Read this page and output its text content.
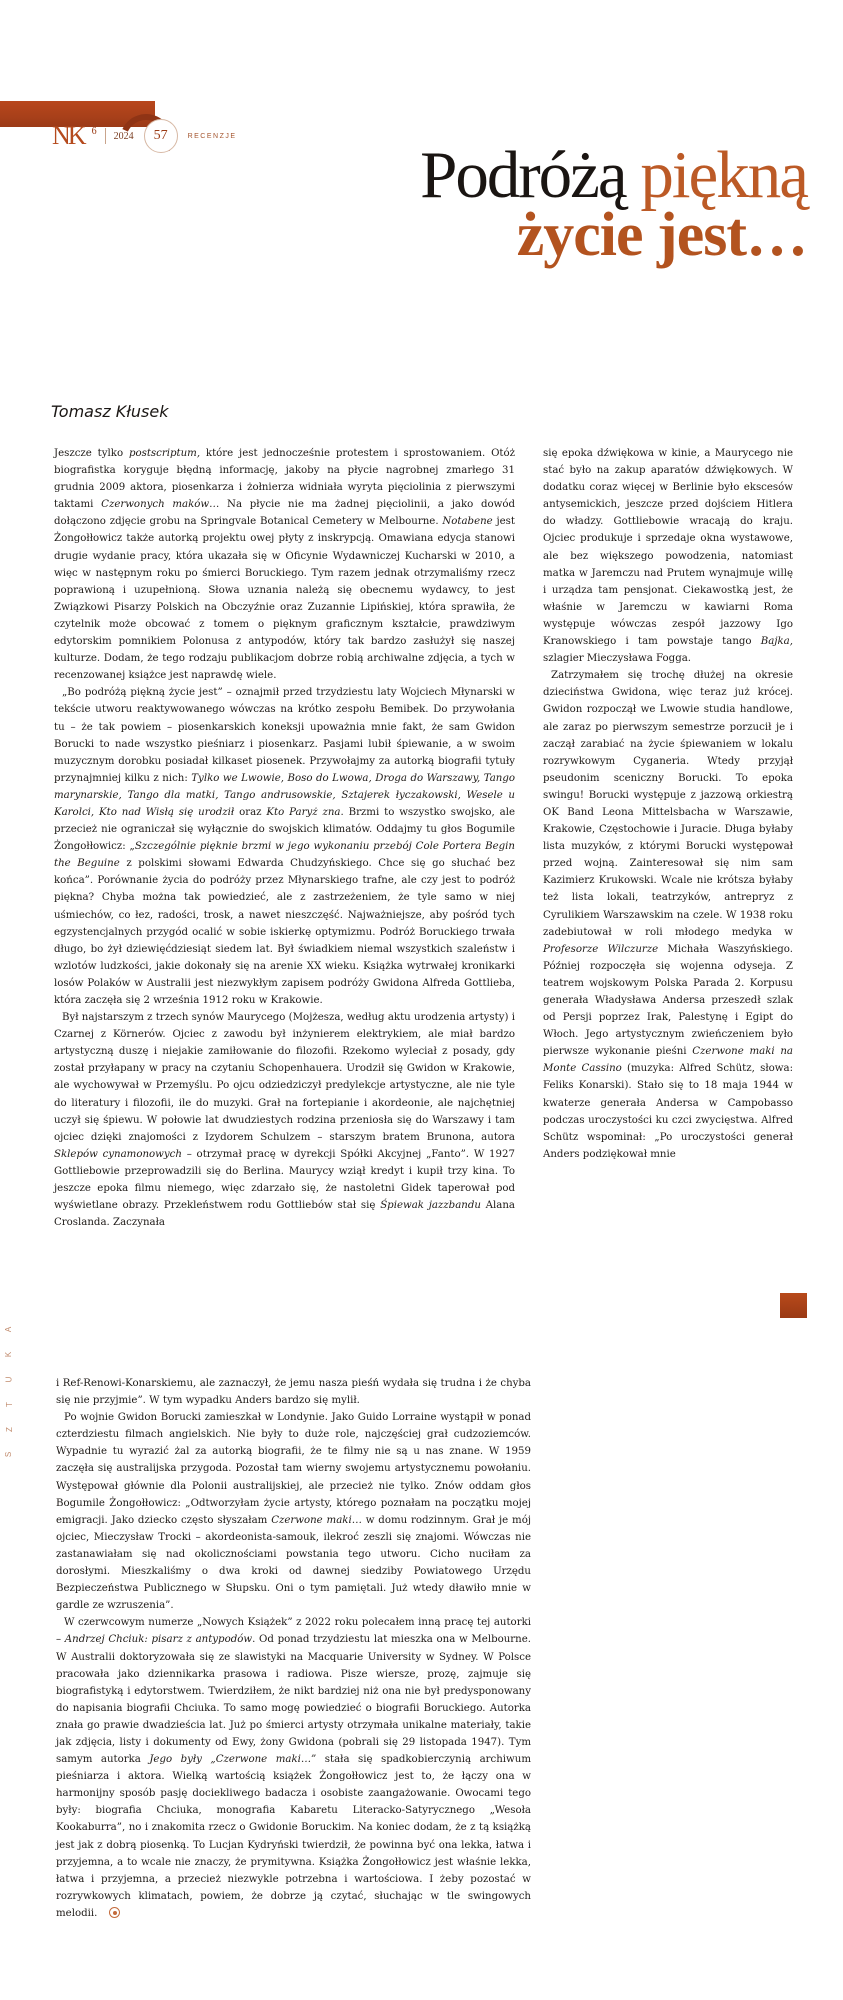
NK 6 2024	57	RECENZJE
Podróżą piękną
życie jest…
Tomasz Kłusek

Jeszcze tylko postscriptum, które jest jednocześnie protestem i sprostowaniem. Otóż biografistka koryguje błędną informację, jakoby na płycie nagrobnej zmarłego 31 grudnia 2009 aktora, piosenkarza i żołnierza widniała wyryta pięciolinia z pierwszymi taktami Czerwonych maków… Na płycie nie ma żadnej pięciolinii, a jako dowód dołączono zdjęcie grobu na Springvale Botanical Cemetery w Melbourne. Notabene jest Żongołłowicz także autorką projektu owej płyty z inskrypcją. Omawiana edycja stanowi drugie wydanie pracy, która ukazała się w Oficynie Wydawniczej Kucharski w 2010, a więc w następnym roku po śmierci Boruckiego. Tym razem jednak otrzymaliśmy rzecz poprawioną i uzupełnioną. Słowa uznania należą się obecnemu wydawcy, to jest Związkowi Pisarzy Polskich na Obczyźnie oraz Zuzannie Lipińskiej, która sprawiła, że czytelnik może obcować z tomem o pięknym graficznym kształcie, prawdziwym edytorskim pomnikiem Polonusa z antypodów, który tak bardzo zasłużył się naszej kulturze. Dodam, że tego rodzaju publikacjom dobrze robią archiwalne zdjęcia, a tych w recenzowanej książce jest naprawdę wiele.

„Bo podróżą piękną życie jest” – oznajmił przed trzydziestu laty Wojciech Młynarski w tekście utworu reaktywowanego wówczas na krótko zespołu Bemibek. Do przywołania tu – że tak powiem – piosenkarskich koneksji upoważnia mnie fakt, że sam Gwidon Borucki to nade wszystko pieśniarz i piosenkarz. Pasjami lubił śpiewanie, a w swoim muzycznym dorobku posiadał kilkaset piosenek. Przywołajmy za autorką biografii tytuły przynajmniej kilku z nich: Tylko we Lwowie, Boso do Lwowa, Droga do Warszawy, Tango marynarskie, Tango dla matki, Tango andrusowskie, Sztajerek łyczakowski, Wesele u Karolci, Kto nad Wisłą się urodził oraz Kto Paryż zna. Brzmi to wszystko swojsko, ale przecież nie ograniczał się wyłącznie do swojskich klimatów. Oddajmy tu głos Bogumile Żongołłowicz: „Szczególnie pięknie brzmi w jego wykonaniu przebój Cole Portera Begin the Beguine z polskimi słowami Edwarda Chudzyńskiego. Chce się go słuchać bez końca”. Porównanie życia do podróży przez Młynarskiego trafne, ale czy jest to podróż piękna? Chyba można tak powiedzieć, ale z zastrzeżeniem, że tyle samo w niej uśmiechów, co łez, radości, trosk, a nawet nieszczęść. Najważniejsze, aby pośród tych egzystencjalnych przygód ocalić w sobie iskierkę optymizmu. Podróż Boruckiego trwała długo, bo żył dziewięćdziesiąt siedem lat. Był świadkiem niemal wszystkich szaleństw i wzlotów ludzkości, jakie dokonały się na arenie XX wieku. Książka wytrwałej kronikarki losów Polaków w Australii jest niezwykłym zapisem podróży Gwidona Alfreda Gottlieba, która zaczęła się 2 września 1912 roku w Krakowie.

Był najstarszym z trzech synów Maurycego (Mojżesza, według aktu urodzenia artysty) i Czarnej z Körnerów. Ojciec z zawodu był inżynierem elektrykiem, ale miał bardzo artystyczną duszę i niejakie zamiłowanie do filozofii. Rzekomo wyleciał z posady, gdy został przyłapany w pracy na czytaniu Schopenhauera. Urodził się Gwidon w Krakowie, ale wychowywał w Przemyślu. Po ojcu odziedziczył predylekcje artystyczne, ale nie tyle do literatury i filozofii, ile do muzyki. Grał na fortepianie i akordeonie, ale najchętniej uczył się śpiewu. W połowie lat dwudziestych rodzina przeniosła się do Warszawy i tam ojciec dzięki znajomości z Izydorem Schulzem – starszym bratem Brunona, autora Sklepów cynamonowych – otrzymał pracę w dyrekcji Spółki Akcyjnej „Fanto”. W 1927 Gottliebowie przeprowadzili się do Berlina. Maurycy wziął kredyt i kupił trzy kina. To jeszcze epoka filmu niemego, więc zdarzało się, że nastoletni Gidek taperował pod wyświetlane obrazy. Przekleństwem rodu Gottliebów stał się Śpiewak jazzbandu Alana Croslanda. Zaczynała

się epoka dźwiękowa w kinie, a Maurycego nie stać było na zakup aparatów dźwiękowych. W dodatku coraz więcej w Berlinie było ekscesów antysemickich, jeszcze przed dojściem Hitlera do władzy. Gottliebowie wracają do kraju. Ojciec produkuje i sprzedaje okna wystawowe, ale bez większego powodzenia, natomiast matka w Jaremczu nad Prutem wynajmuje willę i urządza tam pensjonat. Ciekawostką jest, że właśnie w Jaremczu w kawiarni Roma występuje wówczas zespół jazzowy Igo Kranowskiego i tam powstaje tango Bajka, szlagier Mieczysława Fogga.

Zatrzymałem się trochę dłużej na okresie dzieciństwa Gwidona, więc teraz już krócej. Gwidon rozpoczął we Lwowie studia handlowe, ale zaraz po pierwszym semestrze porzucił je i zaczął zarabiać na życie śpiewaniem w lokalu rozrywkowym Cyganeria. Wtedy przyjął pseudonim sceniczny Borucki. To epoka swingu! Borucki występuje z jazzową orkiestrą OK Band Leona Mittelsbacha w Warszawie, Krakowie, Częstochowie i Juracie. Długa byłaby lista muzyków, z którymi Borucki występował przed wojną. Zainteresował się nim sam Kazimierz Krukowski. Wcale nie krótsza byłaby też lista lokali, teatrzyków, antrepryz z Cyrulikiem Warszawskim na czele. W 1938 roku zadebiutował w roli młodego medyka w Profesorze Wilczurze Michała Waszyńskiego. Później rozpoczęła się wojenna odyseja. Z teatrem wojskowym Polska Parada 2. Korpusu generała Władysława Andersa przeszedł szlak od Persji poprzez Irak, Palestynę i Egipt do Włoch. Jego artystycznym zwieńczeniem było pierwsze wykonanie pieśni Czerwone maki na Monte Cassino (muzyka: Alfred Schütz, słowa: Feliks Konarski). Stało się to 18 maja 1944 w kwaterze generała Andersa w Campobasso podczas uroczystości ku czci zwycięstwa. Alfred Schütz wspominał: „Po uroczystości generał Anders podziękował mnie

S
Z
T
U
K
A

i Ref-Renowi-Konarskiemu, ale zaznaczył, że jemu nasza pieśń wydała się trudna i że chyba się nie przyjmie”. W tym wypadku Anders bardzo się mylił.

Po wojnie Gwidon Borucki zamieszkał w Londynie. Jako Guido Lorraine wystąpił w ponad czterdziestu filmach angielskich. Nie były to duże role, najczęściej grał cudzoziemców. Wypadnie tu wyrazić żal za autorką biografii, że te filmy nie są u nas znane. W 1959 zaczęła się australijska przygoda. Pozostał tam wierny swojemu artystycznemu powołaniu. Występował głównie dla Polonii australijskiej, ale przecież nie tylko. Znów oddam głos Bogumile Żongołłowicz: „Odtworzyłam życie artysty, którego poznałam na początku mojej emigracji. Jako dziecko często słyszałam Czerwone maki… w domu rodzinnym. Grał je mój ojciec, Mieczysław Trocki – akordeonista-samouk, ilekroć zeszli się znajomi. Wówczas nie zastanawiałam się nad okolicznościami powstania tego utworu. Cicho nuciłam za dorosłymi. Mieszkaliśmy o dwa kroki od dawnej siedziby Powiatowego Urzędu Bezpieczeństwa Publicznego w Słupsku. Oni o tym pamiętali. Już wtedy dławiło mnie w gardle ze wzruszenia”.

W czerwcowym numerze „Nowych Książek” z 2022 roku polecałem inną pracę tej autorki – Andrzej Chciuk: pisarz z antypodów. Od ponad trzydziestu lat mieszka ona w Melbourne. W Australii doktoryzowała się ze slawistyki na Macquarie University w Sydney. W Polsce pracowała jako dziennikarka prasowa i radiowa. Pisze wiersze, prozę, zajmuje się biografistyką i edytorstwem. Twierdziłem, że nikt bardziej niż ona nie był predysponowany do napisania biografii Chciuka. To samo mogę powiedzieć o biografii Boruckiego. Autorka znała go prawie dwadzieścia lat. Już po śmierci artysty otrzymała unikalne materiały, takie jak zdjęcia, listy i dokumenty od Ewy, żony Gwidona (pobrali się 29 listopada 1947). Tym samym autorka Jego były „Czerwone maki…” stała się spadkobierczynią archiwum pieśniarza i aktora. Wielką wartością książek Żongołłowicz jest to, że łączy ona w harmonijny sposób pasję dociekliwego badacza i osobiste zaangażowanie. Owocami tego były: biografia Chciuka, monografia Kabaretu Literacko-Satyrycznego „Wesoła Kookaburra”, no i znakomita rzecz o Gwidonie Boruckim. Na koniec dodam, że z tą książką jest jak z dobrą piosenką. To Lucjan Kydryński twierdził, że powinna być ona lekka, łatwa i przyjemna, a to wcale nie znaczy, że prymitywna. Książka Żongołłowicz jest właśnie lekka, łatwa i przyjemna, a przecież niezwykle potrzebna i wartościowa. I żeby pozostać w rozrywkowych klimatach, powiem, że dobrze ją czytać, słuchając w tle swingowych melodii.
